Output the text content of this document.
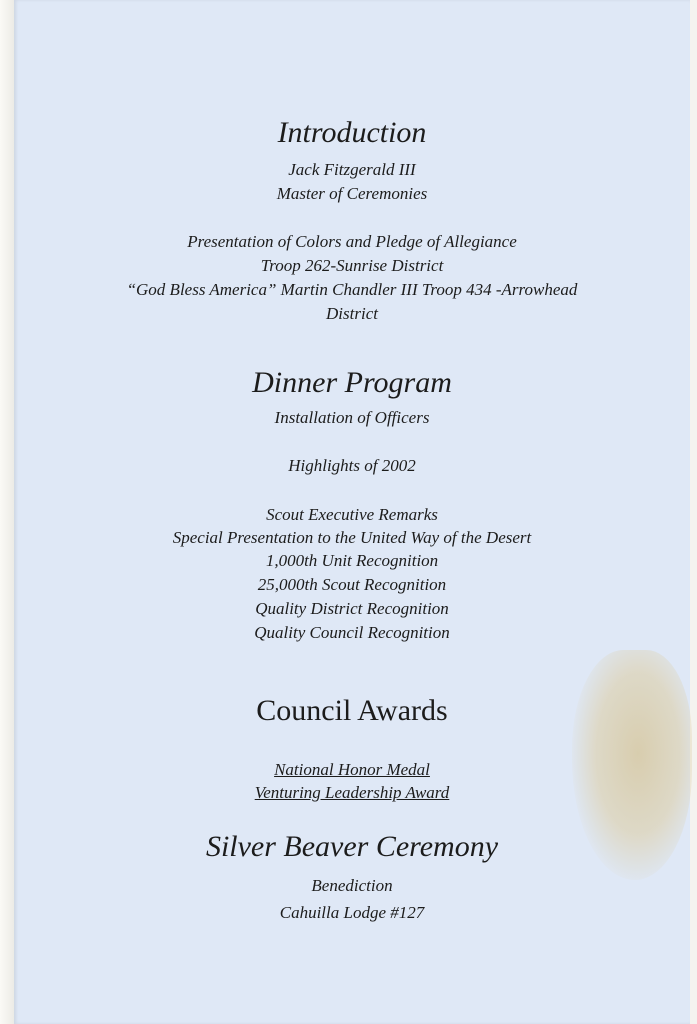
Introduction
Jack Fitzgerald III
Master of Ceremonies
Presentation of Colors and Pledge of Allegiance
Troop 262-Sunrise District
“God Bless America” Martin Chandler III Troop 434 -Arrowhead
District
Dinner Program
Installation of Officers
Highlights of 2002
Scout Executive Remarks
Special Presentation to the United Way of the Desert
1,000th Unit Recognition
25,000th Scout Recognition
Quality District Recognition
Quality Council Recognition
Council Awards
National Honor Medal
Venturing Leadership Award
Silver Beaver Ceremony
Benediction
Cahuilla Lodge #127
